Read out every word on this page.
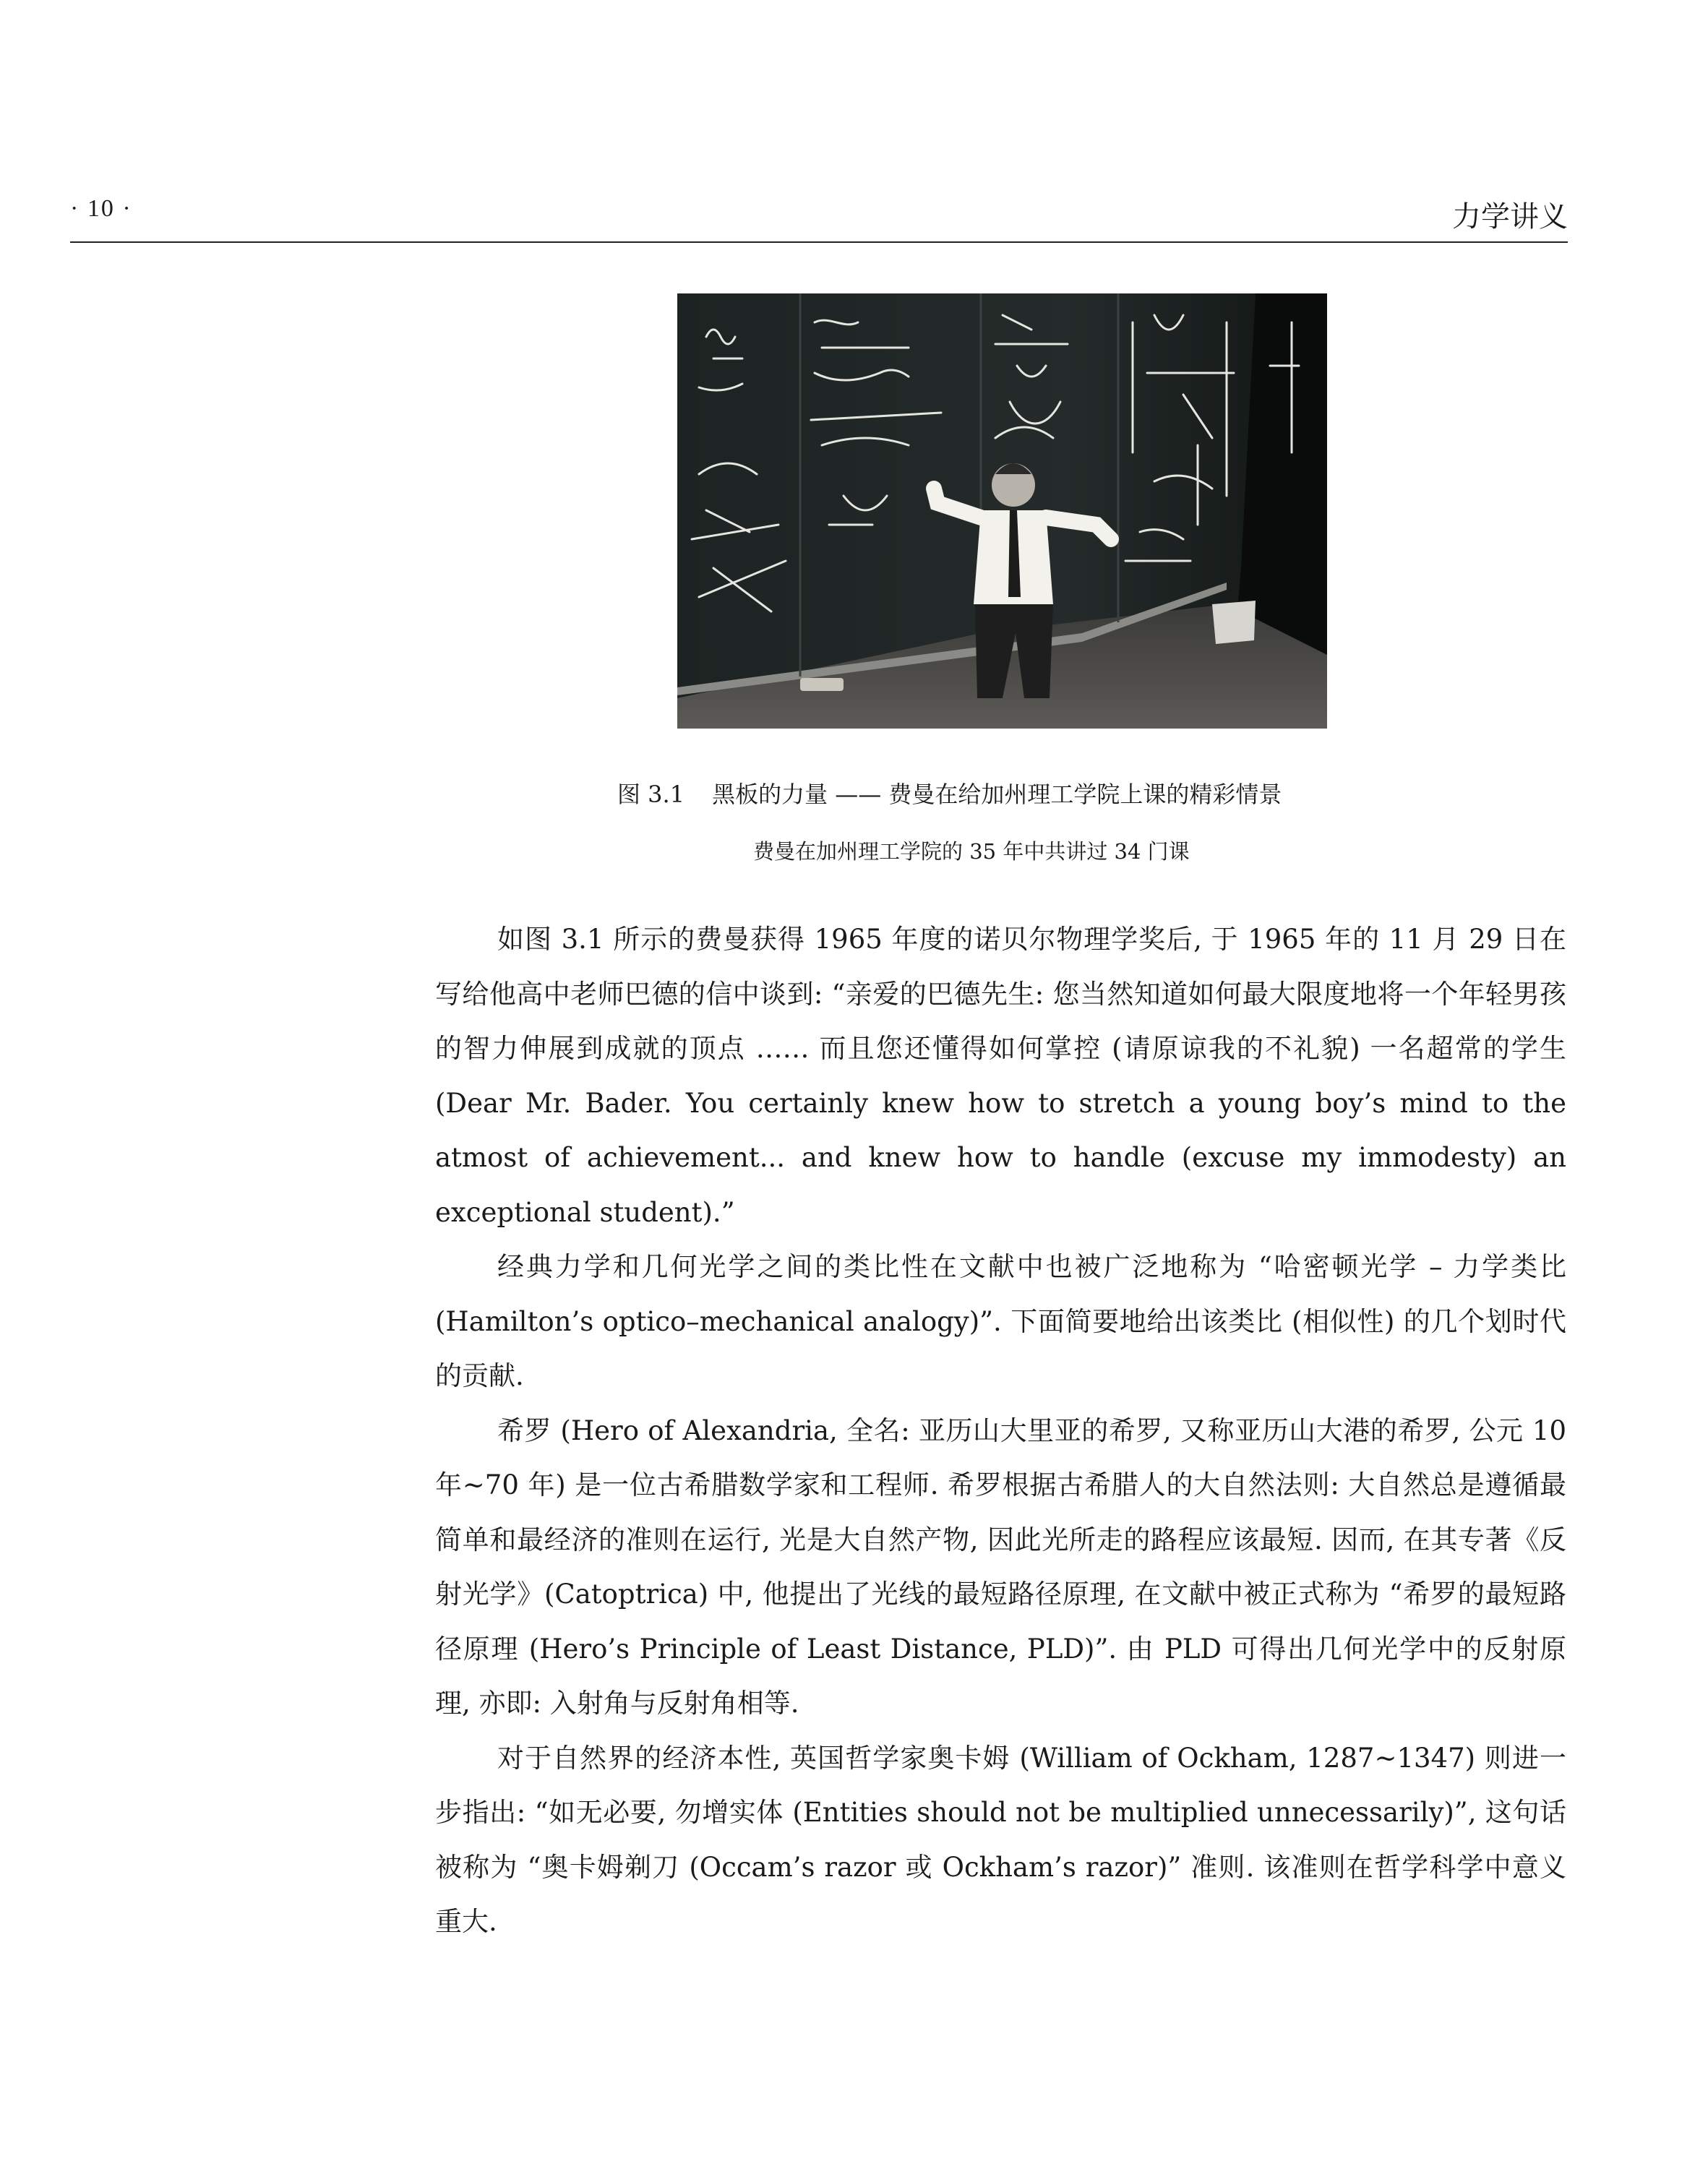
· 10 ·	力学讲义
图 3.1 黑板的力量 —— 费曼在给加州理工学院上课的精彩情景
费曼在加州理工学院的 35 年中共讲过 34 门课

如图 3.1 所示的费曼获得 1965 年度的诺贝尔物理学奖后, 于 1965 年的 11 月 29 日在写给他高中老师巴德的信中谈到: “亲爱的巴德先生: 您当然知道如何最大限度地将一个年轻男孩的智力伸展到成就的顶点 …… 而且您还懂得如何掌控 (请原谅我的不礼貌) 一名超常的学生 (Dear Mr. Bader. You certainly knew how to stretch a young boy’s mind to the atmost of achievement... and knew how to handle (excuse my immodesty) an exceptional student).”

经典力学和几何光学之间的类比性在文献中也被广泛地称为 “哈密顿光学 – 力学类比 (Hamilton’s optico–mechanical analogy)”. 下面简要地给出该类比 (相似性) 的几个划时代的贡献.

希罗 (Hero of Alexandria, 全名: 亚历山大里亚的希罗, 又称亚历山大港的希罗, 公元 10 年~70 年) 是一位古希腊数学家和工程师. 希罗根据古希腊人的大自然法则: 大自然总是遵循最简单和最经济的准则在运行, 光是大自然产物, 因此光所走的路程应该最短. 因而, 在其专著《反射光学》(Catoptrica) 中, 他提出了光线的最短路径原理, 在文献中被正式称为 “希罗的最短路径原理 (Hero’s Principle of Least Distance, PLD)”. 由 PLD 可得出几何光学中的反射原理, 亦即: 入射角与反射角相等.

对于自然界的经济本性, 英国哲学家奥卡姆 (William of Ockham, 1287~1347) 则进一步指出: “如无必要, 勿增实体 (Entities should not be multiplied unnecessarily)”, 这句话被称为 “奥卡姆剃刀 (Occam’s razor 或 Ockham’s razor)” 准则. 该准则在哲学科学中意义重大.
